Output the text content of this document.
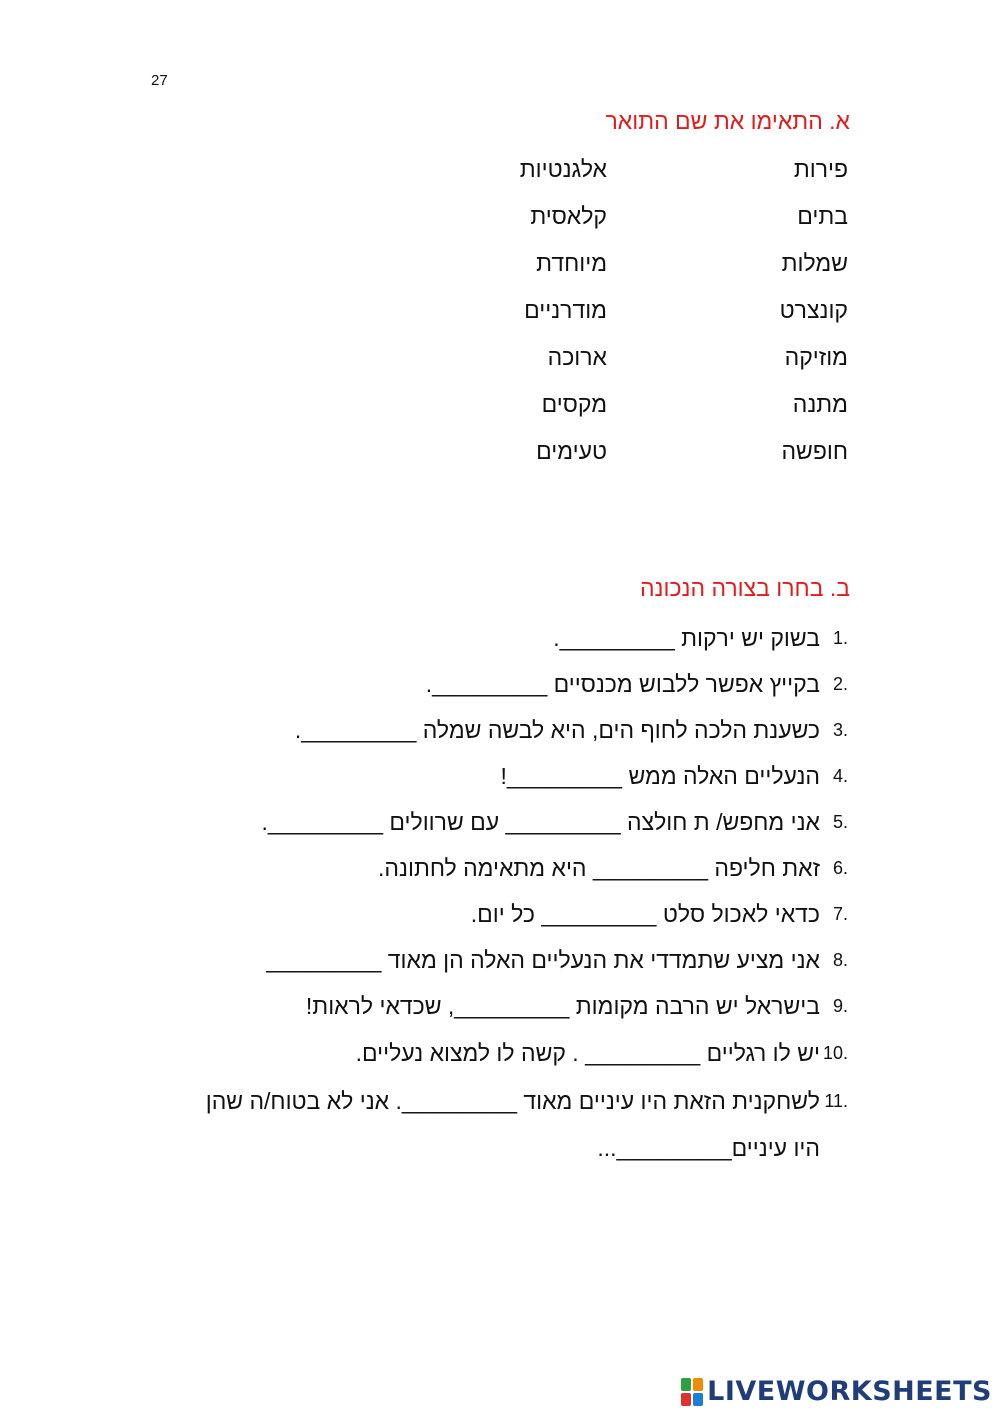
27
א. התאימו את שם התואר
פירות
בתים
שמלות
קונצרט
מוזיקה
מתנה
חופשה
אלגנטיות
קלאסית
מיוחדת
מודרניים
ארוכה
מקסים
טעימים
ב. בחרו בצורה הנכונה
1.
בשוק יש ירקות _________.
2.
בקייץ אפשר ללבוש מכנסיים _________.
3.
כשענת הלכה לחוף הים, היא לבשה שמלה _________.
4.
הנעליים האלה ממש _________!
5.
אני מחפש/ ת חולצה _________ עם שרוולים _________.
6.
זאת חליפה _________ היא מתאימה לחתונה.
7.
כדאי לאכול סלט _________ כל יום.
8.
אני מציע שתמדדי את הנעליים האלה הן מאוד _________
9.
בישראל יש הרבה מקומות _________, שכדאי לראות!
10.
יש לו רגליים _________ . קשה לו למצוא נעליים.
11.
לשחקנית הזאת היו עיניים מאוד _________. אני לא בטוח/ה שהן
היו עיניים_________...
LIVEWORKSHEETS
